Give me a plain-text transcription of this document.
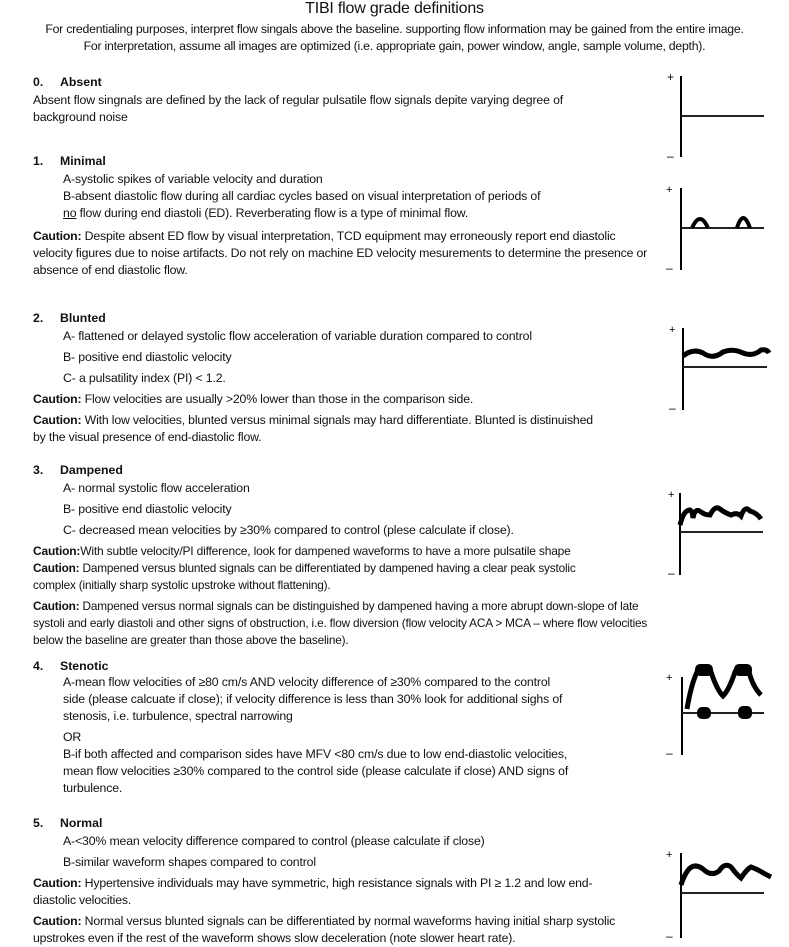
TIBI flow grade definitions
For credentialing purposes, interpret flow singals above the baseline. supporting flow information may be gained from the entire image.
For interpretation, assume all images are optimized (i.e. appropriate gain, power window, angle, sample volume, depth).
0. Absent
Absent flow singnals are defined by the lack of regular pulsatile flow signals depite varying degree of background noise
1. Minimal
A-systolic spikes of variable velocity and duration
B-absent diastolic flow during all cardiac cycles based on visual interpretation of periods of
no flow during end diastoli (ED). Reverberating flow is a type of minimal flow.
Caution: Despite absent ED flow by visual interpretation, TCD equipment may erroneously report end diastolic velocity figures due to noise artifacts. Do not rely on machine ED velocity mesurements to determine the presence or absence of end diastolic flow.
2. Blunted
A- flattened or delayed systolic flow acceleration of variable duration compared to control
B- positive end diastolic velocity
C- a pulsatility index (PI) < 1.2.
Caution: Flow velocities are usually >20% lower than those in the comparison side.
Caution: With low velocities, blunted versus minimal signals may hard differentiate. Blunted is distinuished by the visual presence of end-diastolic flow.
3. Dampened
A- normal systolic flow acceleration
B- positive end diastolic velocity
C- decreased mean velocities by ≥30% compared to control (plese calculate if close).
Caution:With subtle velocity/PI difference, look for dampened waveforms to have a more pulsatile shape
Caution: Dampened versus blunted signals can be differentiated by dampened having a clear peak systolic complex (initially sharp systolic upstroke without flattening).
Caution: Dampened versus normal signals can be distinguished by dampened having a more abrupt down-slope of late systoli and early diastoli and other signs of obstruction, i.e. flow diversion (flow velocity ACA > MCA – where flow velocities below the baseline are greater than those above the baseline).
4. Stenotic
A-mean flow velocities of ≥80 cm/s AND velocity difference of ≥30% compared to the control side (please calcuate if close); if velocity difference is less than 30% look for additional sighs of stenosis, i.e. turbulence, spectral narrowing
OR
B-if both affected and comparison sides have MFV <80 cm/s due to low end-diastolic velocities, mean flow velocities ≥30% compared to the control side (please calculate if close) AND signs of turbulence.
5. Normal
A-<30% mean velocity difference compared to control (please calculate if close)
B-similar waveform shapes compared to control
Caution: Hypertensive individuals may have symmetric, high resistance signals with PI ≥ 1.2 and low end-diastolic velocities.
Caution: Normal versus blunted signals can be differentiated by normal waveforms having initial sharp systolic upstrokes even if the rest of the waveform shows slow deceleration (note slower heart rate).
+
–
+
–
+
–
+
–
+
–
+
–
